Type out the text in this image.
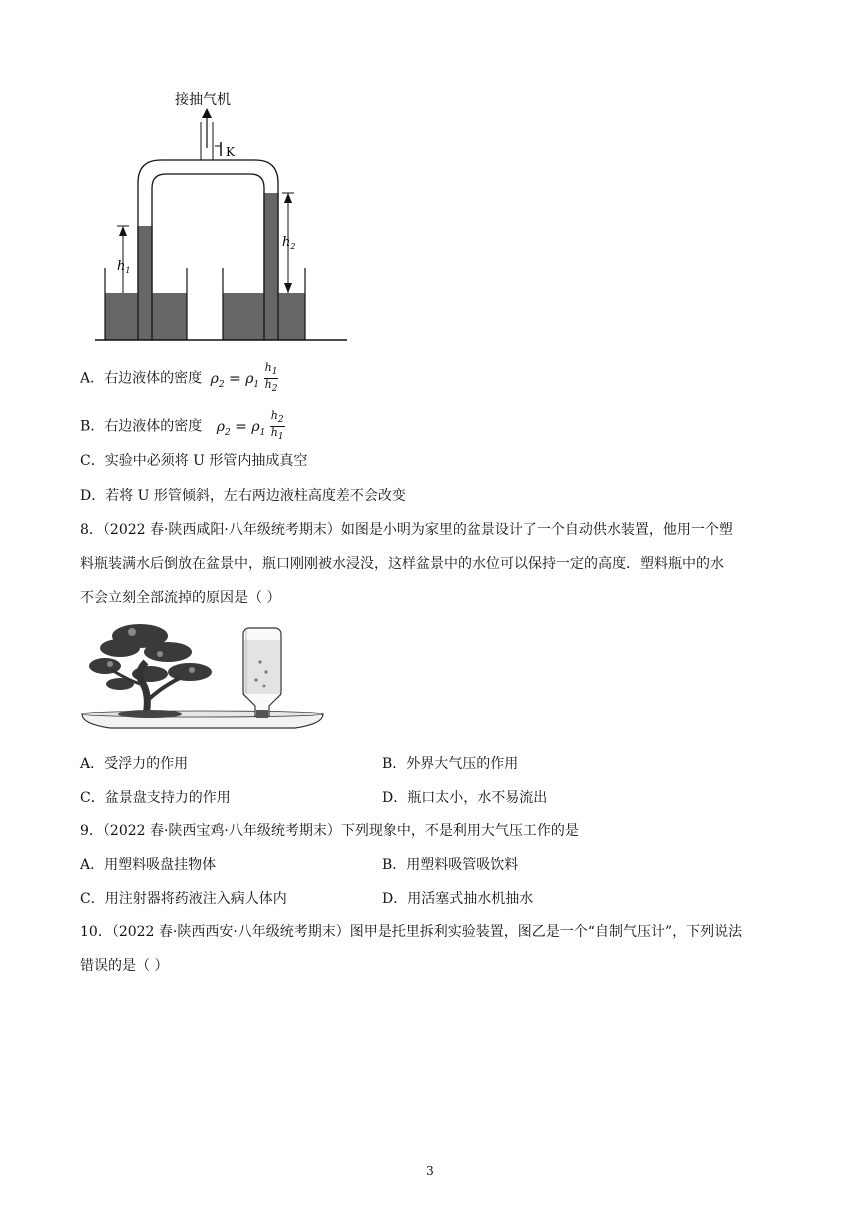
接抽气机
K
$h_1$
$h_2$
A．右边液体的密度 $\rho_2 = \rho_1 \frac{h_1}{h_2}$
B．右边液体的密度 $\rho_2 = \rho_1 \frac{h_2}{h_1}$
C．实验中必须将 U 形管内抽成真空
D．若将 U 形管倾斜，左右两边液柱高度差不会改变
8．（2022 春·陕西咸阳·八年级统考期末）如图是小明为家里的盆景设计了一个自动供水装置，他用一个塑
料瓶装满水后倒放在盆景中，瓶口刚刚被水浸没，这样盆景中的水位可以保持一定的高度．塑料瓶中的水
不会立刻全部流掉的原因是（ ）
A．受浮力的作用	B．外界大气压的作用
C．盆景盘支持力的作用	D．瓶口太小，水不易流出
9．（2022 春·陕西宝鸡·八年级统考期末）下列现象中，不是利用大气压工作的是
A．用塑料吸盘挂物体	B．用塑料吸管吸饮料
C．用注射器将药液注入病人体内	D．用活塞式抽水机抽水
10．（2022 春·陕西西安·八年级统考期末）图甲是托里拆利实验装置，图乙是一个“自制气压计”，下列说法
错误的是（ ）
3
